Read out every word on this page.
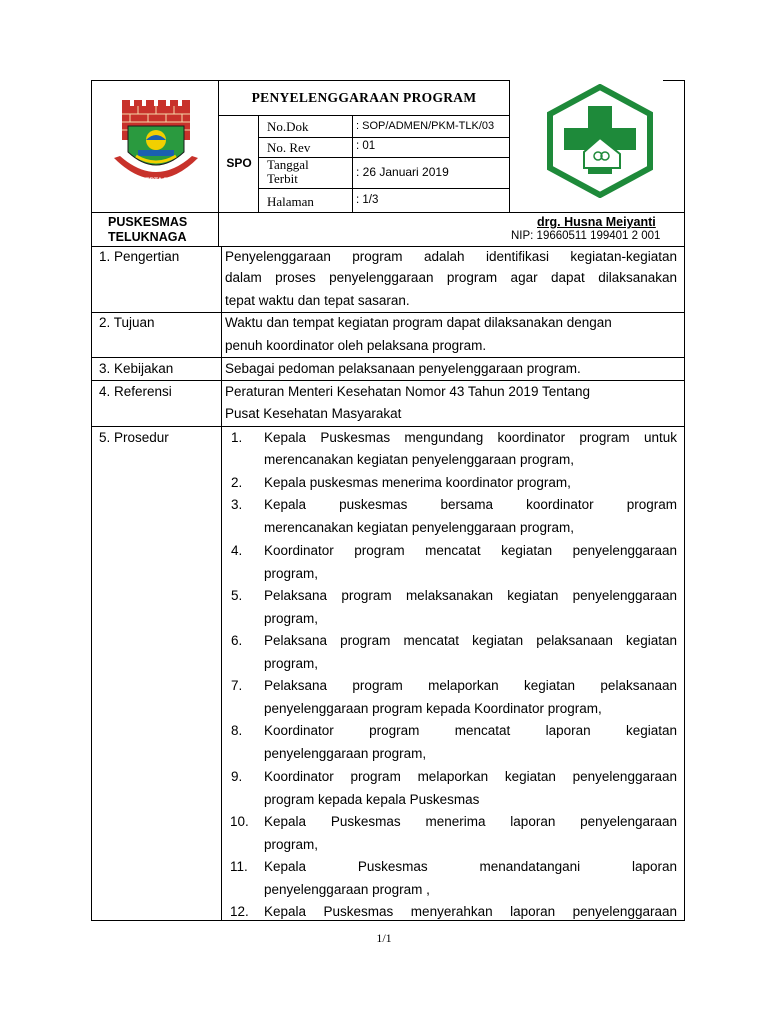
KARYA KERTA RAHARJA
PENYELENGGARAAN PROGRAM
SPO
No.Dok	: SOP/ADMEN/PKM-TLK/03
No. Rev	: 01
Tanggal
Terbit	: 26 Januari 2019
Halaman	: 1/3
PUSKESMAS
TELUKNAGA
drg. Husna Meiyanti
NIP: 19660511 199401 2 001
1. Pengertian	Penyelenggaraan program adalah identifikasi kegiatan-kegiatan
dalam proses penyelenggaraan program agar dapat dilaksanakan
tepat waktu dan tepat sasaran.
2. Tujuan	Waktu dan tempat kegiatan program dapat dilaksanakan dengan
penuh koordinator oleh pelaksana program.
3. Kebijakan	Sebagai pedoman pelaksanaan penyelenggaraan program.
4. Referensi	Peraturan Menteri Kesehatan Nomor 43 Tahun 2019 Tentang
Pusat Kesehatan Masyarakat
5. Prosedur	1. Kepala Puskesmas mengundang koordinator program untuk
merencanakan kegiatan penyelenggaraan program,
2. Kepala puskesmas menerima koordinator program,
3. Kepala puskesmas bersama koordinator program
merencanakan kegiatan penyelenggaraan program,
4. Koordinator program mencatat kegiatan penyelenggaraan
program,
5. Pelaksana program melaksanakan kegiatan penyelenggaraan
program,
6. Pelaksana program mencatat kegiatan pelaksanaan kegiatan
program,
7. Pelaksana program melaporkan kegiatan pelaksanaan
penyelenggaraan program kepada Koordinator program,
8. Koordinator program mencatat laporan kegiatan
penyelenggaraan program,
9. Koordinator program melaporkan kegiatan penyelenggaraan
program kepada kepala Puskesmas
10. Kepala Puskesmas menerima laporan penyelengaraan
program,
11. Kepala Puskesmas menandatangani laporan
penyelenggaraan program ,
12. Kepala Puskesmas menyerahkan laporan penyelenggaraan
1/1
